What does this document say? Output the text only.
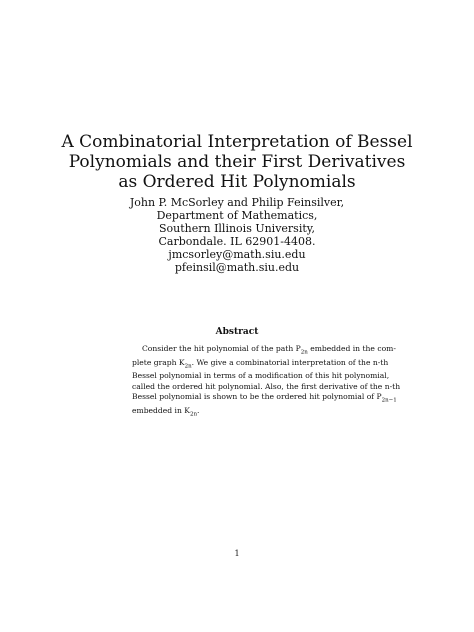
A Combinatorial Interpretation of Bessel
Polynomials and their First Derivatives
as Ordered Hit Polynomials
John P. McSorley and Philip Feinsilver,
Department of Mathematics,
Southern Illinois University,
Carbondale. IL 62901-4408.
jmcsorley@math.siu.edu
pfeinsil@math.siu.edu
Abstract
Consider the hit polynomial of the path $P_{2n}$ embedded in the com-
plete graph $K_{2n}$. We give a combinatorial interpretation of the n-th
Bessel polynomial in terms of a modification of this hit polynomial,
called the ordered hit polynomial. Also, the first derivative of the n-th
Bessel polynomial is shown to be the ordered hit polynomial of $P_{2n-1}$
embedded in $K_{2n}$.
1
